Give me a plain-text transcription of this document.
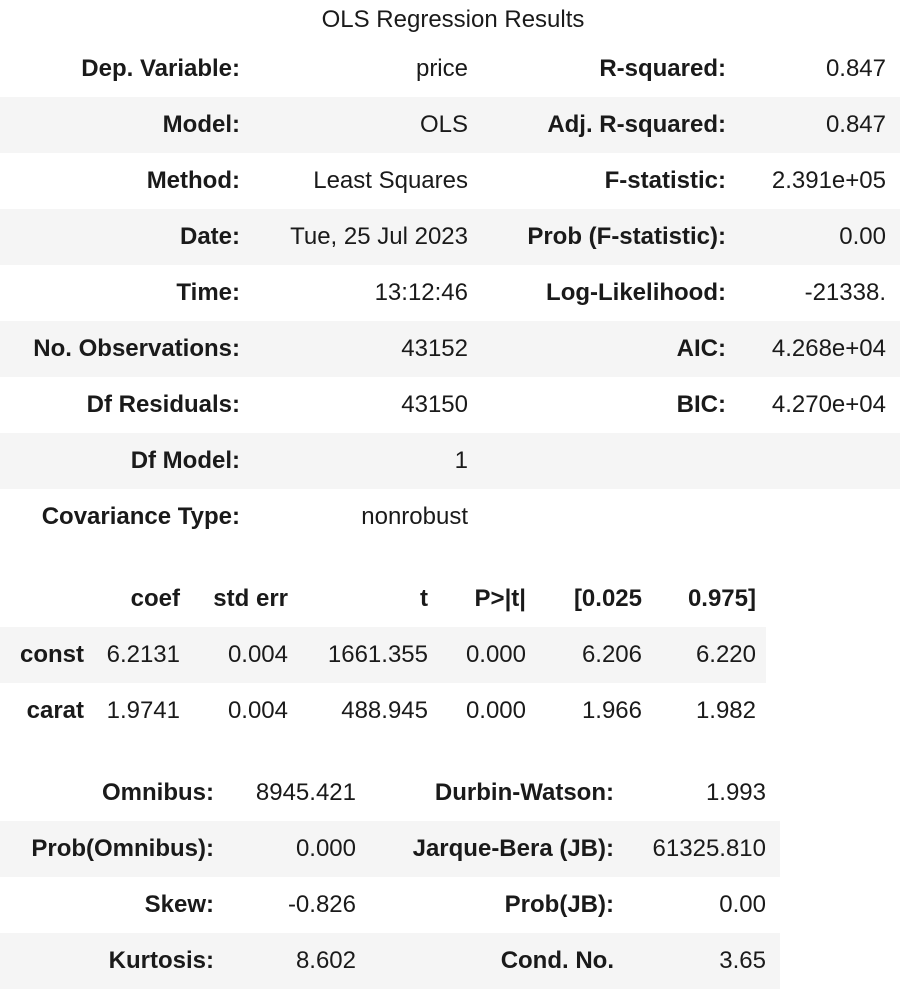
OLS Regression Results
Dep. Variable:	price	R-squared:	0.847
Model:	OLS	Adj. R-squared:	0.847
Method:	Least Squares	F-statistic:	2.391e+05
Date:	Tue, 25 Jul 2023	Prob (F-statistic):	0.00
Time:	13:12:46	Log-Likelihood:	-21338.
No. Observations:	43152	AIC:	4.268e+04
Df Residuals:	43150	BIC:	4.270e+04
Df Model:	1		
Covariance Type:	nonrobust		
	coef	std err	t	P>|t|	[0.025	0.975]
const	6.2131	0.004	1661.355	0.000	6.206	6.220
carat	1.9741	0.004	488.945	0.000	1.966	1.982
Omnibus:	8945.421	Durbin-Watson:	1.993
Prob(Omnibus):	0.000	Jarque-Bera (JB):	61325.810
Skew:	-0.826	Prob(JB):	0.00
Kurtosis:	8.602	Cond. No.	3.65
